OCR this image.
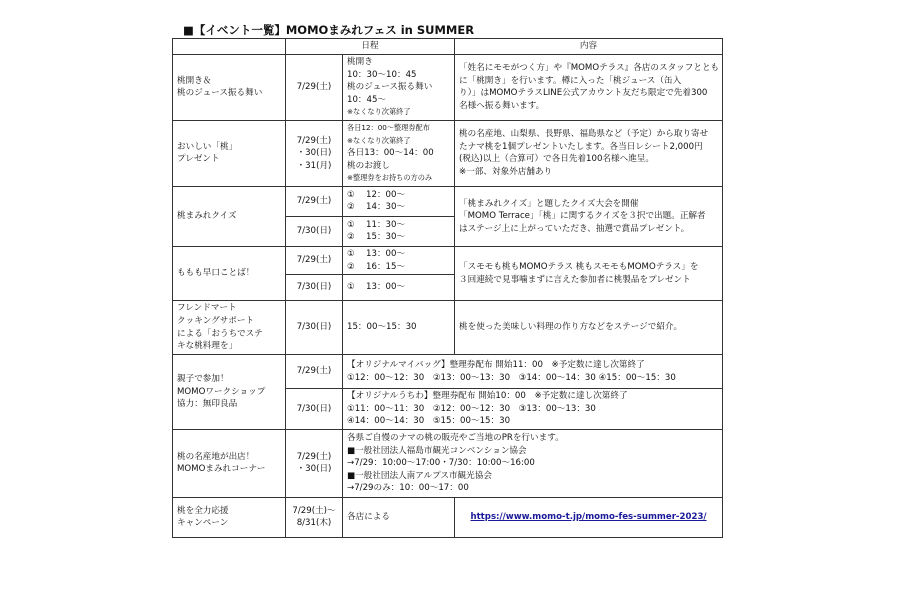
■【イベント一覧】MOMOまみれフェス in SUMMER
	日程		内容

桃開き＆
桃のジュース振る舞い	7/29(土)	桃開き
10：30〜10：45
桃のジュース振る舞い
10：45〜
※なくなり次第終了	「姓名にモモがつく方」や『MOMOテラス』各店のスタッフととも
に「桃開き」を行います。樽に入った「桃ジュース（缶入
り）」はMOMOテラスLINE公式アカウント友だち限定で先着300
名様へ振る舞います。

おいしい「桃」
プレゼント	7/29(土)
・30(日)
・31(月)	各日12：00〜整理券配布
※なくなり次第終了
各日13：00〜14：00
桃のお渡し
※整理券をお持ちの方のみ	桃の名産地、山梨県、長野県、福島県など（予定）から取り寄せ
たナマ桃を1個プレゼントいたします。各当日レシート2,000円
(税込)以上（合算可）で各日先着100名様へ進呈。
※一部、対象外店舗あり

桃まみれクイズ	7/29(土)	①　 12：00〜
②　 14：30〜	「桃まみれクイズ」と題したクイズ大会を開催
「MOMO Terrace」「桃」に関するクイズを３択で出題。正解者
はステージ上に上がっていただき、抽選で賞品プレゼント。

	7/30(日)	①　 11：30〜
②　 15：30〜	

ももも早口ことば！	7/29(土)	①　 13：00〜
②　 16：15〜	「スモモも桃もMOMOテラス 桃もスモモもMOMOテラス」を
３回連続で見事噛まずに言えた参加者に桃製品をプレゼント

	7/30(日)	①　 13：00〜	

フレンドマート
クッキングサポート
による「おうちでステ
キな桃料理を」	7/30(日)	15：00〜15：30	桃を使った美味しい料理の作り方などをステージで紹介。

親子で参加！
MOMOワークショップ
協力：無印良品	7/29(土)	【オリジナルマイバッグ】整理券配布 開始11：00　※予定数に達し次第終了
①12：00〜12：30　②13：00〜13：30　③14：00〜14：30 ④15：00〜15：30	

	7/30(日)	【オリジナルうちわ】整理券配布 開始10：00　※予定数に達し次第終了
①11：00〜11：30　②12：00〜12：30　③13：00〜13：30
④14：00〜14：30　⑤15：00〜15：30	

桃の名産地が出店！
MOMOまみれコーナー	7/29(土)
・30(日)	各県ご自慢のナマの桃の販売やご当地のPRを行います。
■一般社団法人福島市観光コンベンション協会
→7/29：10:00〜17:00・7/30：10:00〜16:00
■一般社団法人南アルプス市観光協会
→7/29のみ：10：00〜17：00	

桃を全力応援
キャンペーン	7/29(土)〜
8/31(木)	各店による	https://www.momo-t.jp/momo-fes-summer-2023/
